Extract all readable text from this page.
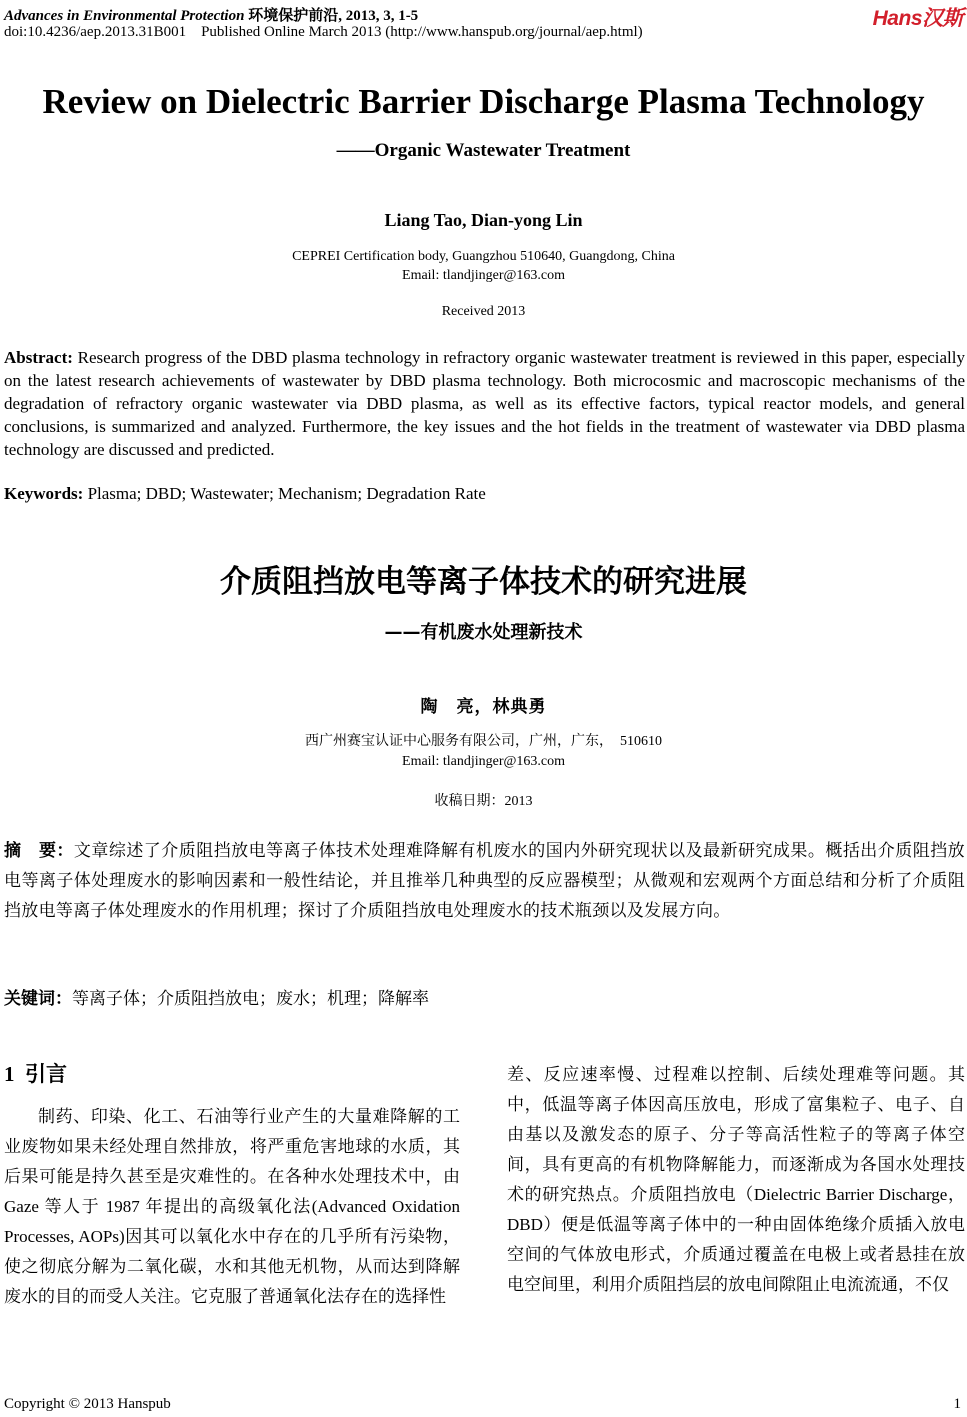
Advances in Environmental Protection 环境保护前沿, 2013, 3, 1-5
doi:10.4236/aep.2013.31B001    Published Online March 2013 (http://www.hanspub.org/journal/aep.html)
Hans汉斯
Review on Dielectric Barrier Discharge Plasma Technology
——Organic Wastewater Treatment
Liang Tao, Dian-yong Lin
CEPREI Certification body, Guangzhou 510640, Guangdong, China
Email: tlandjinger@163.com
Received 2013
Abstract: Research progress of the DBD plasma technology in refractory organic wastewater treatment is reviewed in this paper, especially on the latest research achievements of wastewater by DBD plasma technology. Both microcosmic and macroscopic mechanisms of the degradation of refractory organic wastewater via DBD plasma, as well as its effective factors, typical reactor models, and general conclusions, is summarized and analyzed. Furthermore, the key issues and the hot fields in the treatment of wastewater via DBD plasma technology are discussed and predicted.
Keywords: Plasma; DBD; Wastewater; Mechanism; Degradation Rate
介质阻挡放电等离子体技术的研究进展
——有机废水处理新技术
陶　亮，林典勇
西广州赛宝认证中心服务有限公司，广州，广东，　510610
Email: tlandjinger@163.com
收稿日期：2013
摘　要：文章综述了介质阻挡放电等离子体技术处理难降解有机废水的国内外研究现状以及最新研究成果。概括出介质阻挡放电等离子体处理废水的影响因素和一般性结论，并且推举几种典型的反应器模型；从微观和宏观两个方面总结和分析了介质阻挡放电等离子体处理废水的作用机理；探讨了介质阻挡放电处理废水的技术瓶颈以及发展方向。
关键词：等离子体；介质阻挡放电；废水；机理；降解率
1  引言
制药、印染、化工、石油等行业产生的大量难降解的工业废物如果未经处理自然排放，将严重危害地球的水质，其后果可能是持久甚至是灾难性的。在各种水处理技术中，由 Gaze 等人于 1987 年提出的高级氧化法(Advanced Oxidation Processes, AOPs)因其可以氧化水中存在的几乎所有污染物，使之彻底分解为二氧化碳，水和其他无机物，从而达到降解废水的目的而受人关注。它克服了普通氧化法存在的选择性
差、反应速率慢、过程难以控制、后续处理难等问题。其中，低温等离子体因高压放电，形成了富集粒子、电子、自由基以及激发态的原子、分子等高活性粒子的等离子体空间，具有更高的有机物降解能力，而逐渐成为各国水处理技术的研究热点。介质阻挡放电（Dielectric Barrier Discharge，DBD）便是低温等离子体中的一种由固体绝缘介质插入放电空间的气体放电形式，介质通过覆盖在电极上或者悬挂在放电空间里，利用介质阻挡层的放电间隙阻止电流流通，不仅
Copyright © 2013 Hanspub	1
